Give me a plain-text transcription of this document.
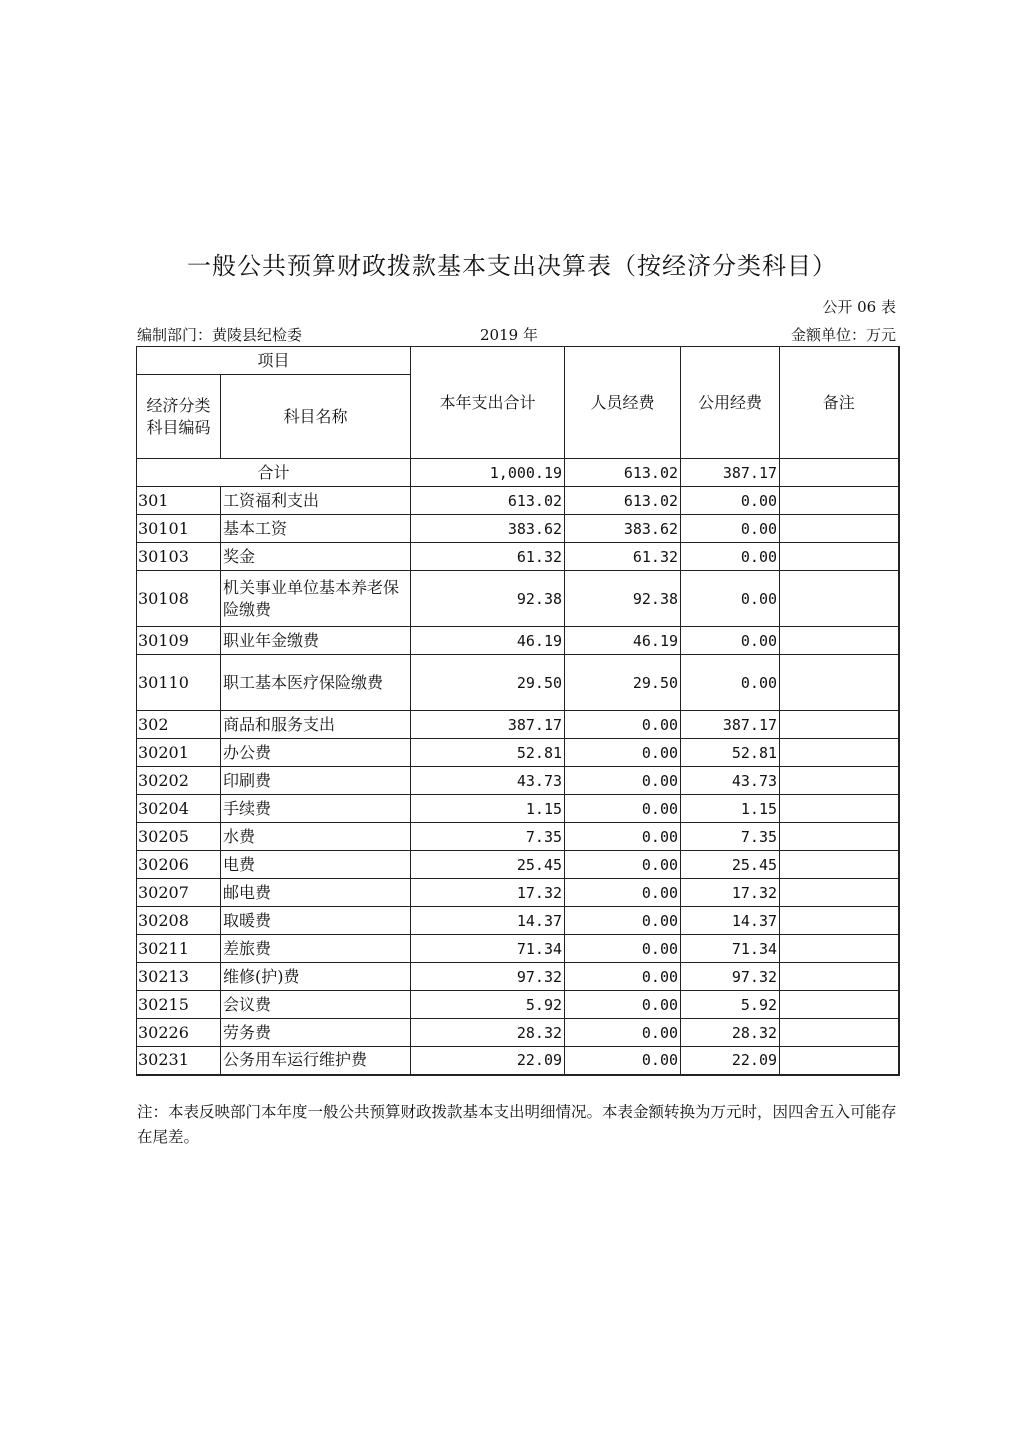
一般公共预算财政拨款基本支出决算表（按经济分类科目）
公开 06 表
编制部门：黄陵县纪检委	2019 年	金额单位：万元
项目		本年支出合计	人员经费	公用经费	备注
经济分类科目编码	科目名称				
合计		1,000.19	613.02	387.17	
301	工资福利支出	613.02	613.02	0.00	
30101	基本工资	383.62	383.62	0.00	
30103	奖金	61.32	61.32	0.00	
30108	机关事业单位基本养老保险缴费	92.38	92.38	0.00	
30109	职业年金缴费	46.19	46.19	0.00	
30110	职工基本医疗保险缴费	29.50	29.50	0.00	
302	商品和服务支出	387.17	0.00	387.17	
30201	办公费	52.81	0.00	52.81	
30202	印刷费	43.73	0.00	43.73	
30204	手续费	1.15	0.00	1.15	
30205	水费	7.35	0.00	7.35	
30206	电费	25.45	0.00	25.45	
30207	邮电费	17.32	0.00	17.32	
30208	取暖费	14.37	0.00	14.37	
30211	差旅费	71.34	0.00	71.34	
30213	维修(护)费	97.32	0.00	97.32	
30215	会议费	5.92	0.00	5.92	
30226	劳务费	28.32	0.00	28.32	
30231	公务用车运行维护费	22.09	0.00	22.09	
注：本表反映部门本年度一般公共预算财政拨款基本支出明细情况。本表金额转换为万元时，因四舍五入可能存在尾差。
